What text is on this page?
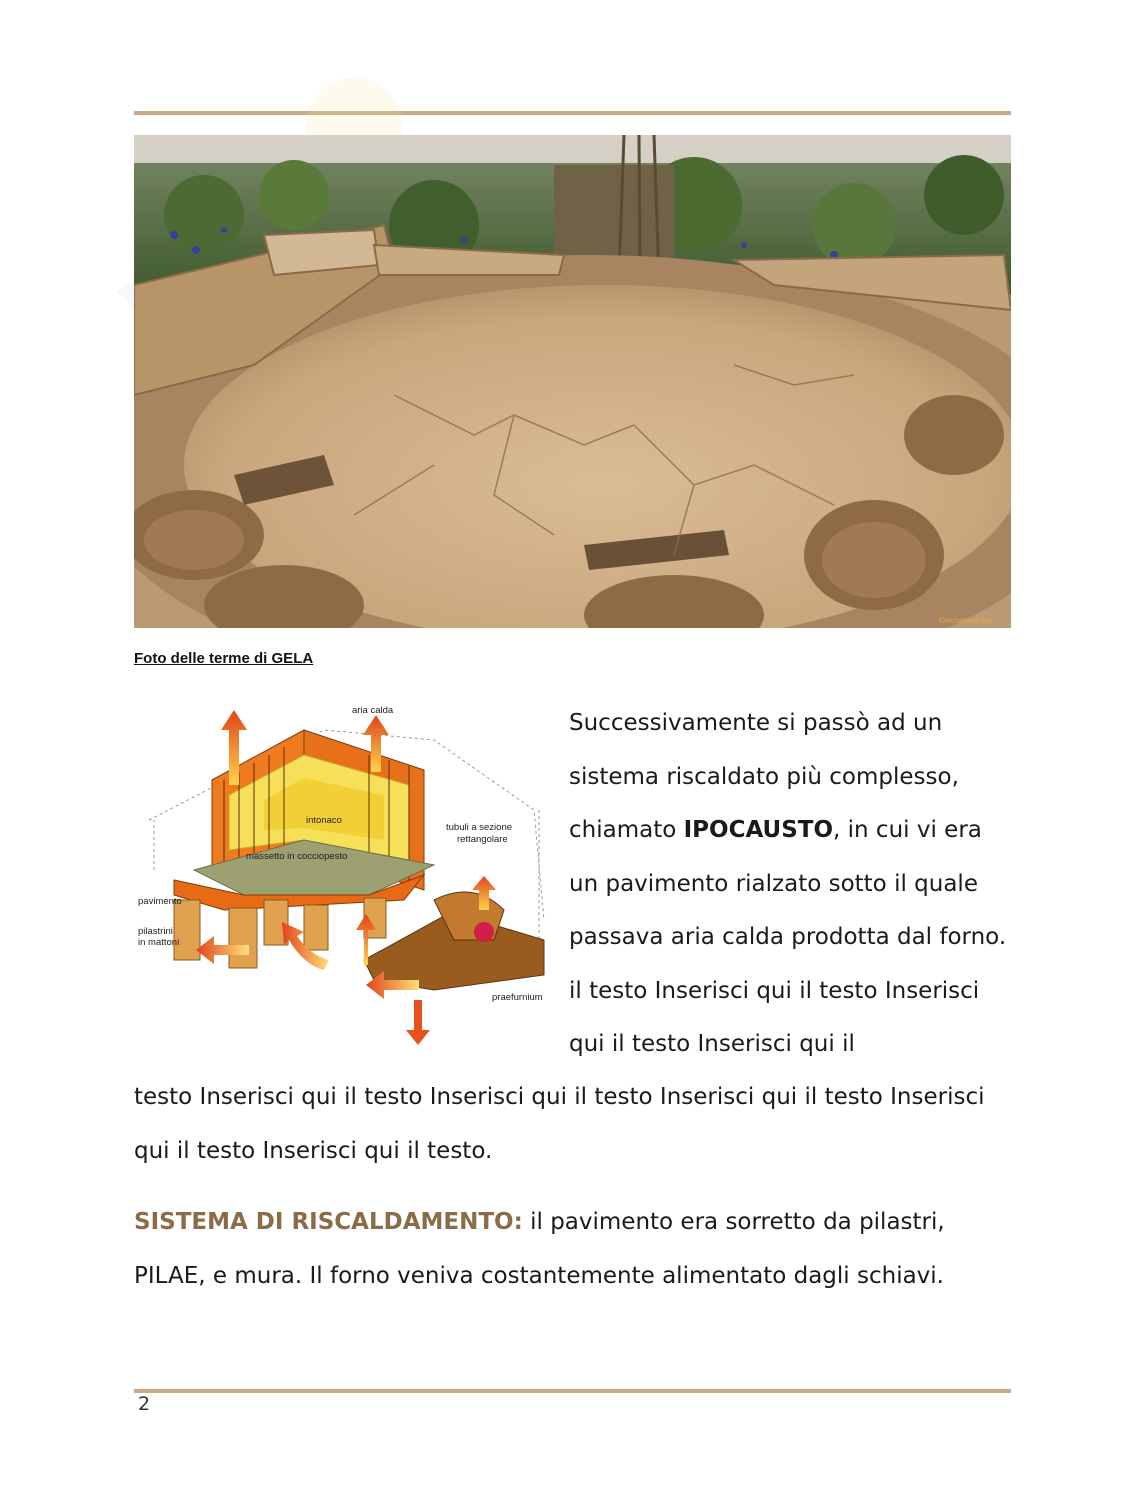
Greciaoesicilia
Foto delle terme di GELA
aria calda
intonaco
tubuli a sezione
rettangolare
massetto in cocciopesto
pavimento
pilastrini
in mattoni
praefurnium
Successivamente si passò ad un sistema riscaldato più complesso, chiamato IPOCAUSTO, in cui vi era un pavimento rialzato sotto il quale passava aria calda prodotta dal forno. il testo Inserisci qui il testo Inserisci qui il testo Inserisci qui il
testo Inserisci qui il testo Inserisci qui il testo Inserisci qui il testo Inserisci qui il testo Inserisci qui il testo.
SISTEMA DI RISCALDAMENTO: il pavimento era sorretto da pilastri, PILAE, e mura. Il forno veniva costantemente alimentato dagli schiavi.
2
